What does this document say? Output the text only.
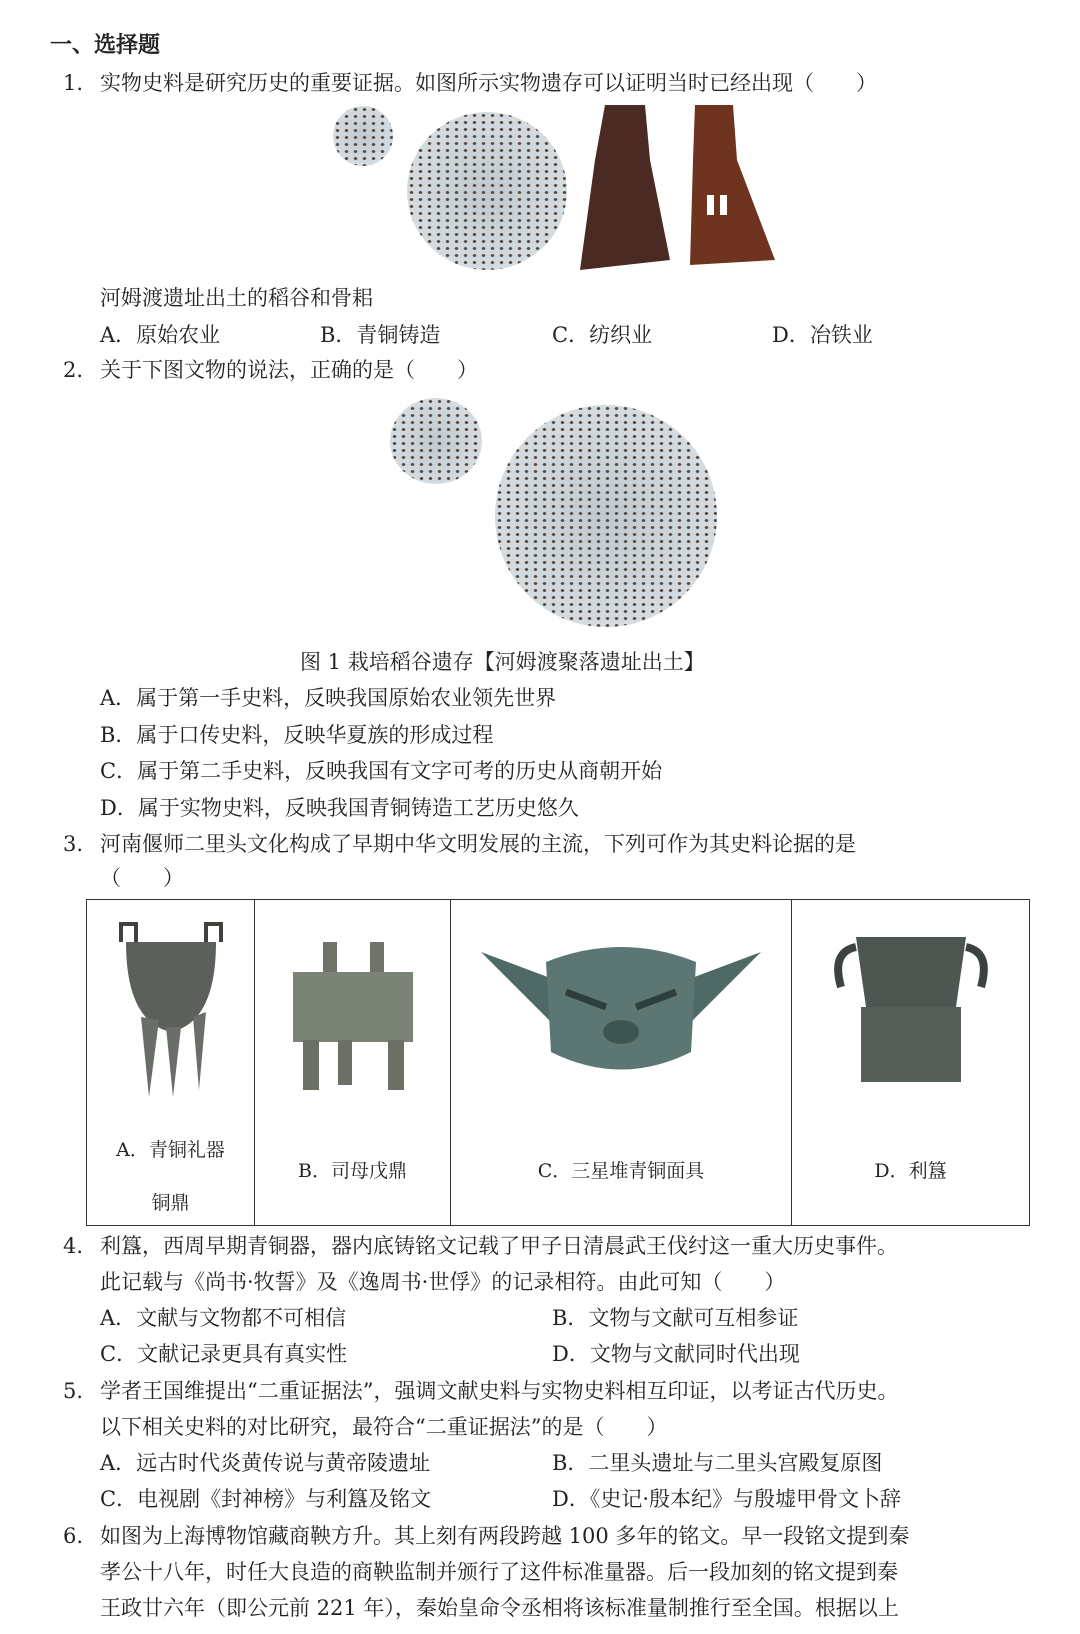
一、选择题
1. 实物史料是研究历史的重要证据。如图所示实物遗存可以证明当时已经出现（　　）
河姆渡遗址出土的稻谷和骨耜
A．原始农业	B．青铜铸造	C．纺织业	D．冶铁业
2. 关于下图文物的说法，正确的是（　　）
图 1 栽培稻谷遗存【河姆渡聚落遗址出土】
A．属于第一手史料，反映我国原始农业领先世界
B．属于口传史料，反映华夏族的形成过程
C．属于第二手史料，反映我国有文字可考的历史从商朝开始
D．属于实物史料，反映我国青铜铸造工艺历史悠久
3. 河南偃师二里头文化构成了早期中华文明发展的主流，下列可作为其史料论据的是
（　　）
A．青铜礼器
铜鼎

B．司母戊鼎	C．三星堆青铜面具	D．利簋
4. 利簋，西周早期青铜器，器内底铸铭文记载了甲子日清晨武王伐纣这一重大历史事件。
此记载与《尚书·牧誓》及《逸周书·世俘》的记录相符。由此可知（　　）
A．文献与文物都不可相信	B．文物与文献可互相参证
C．文献记录更具有真实性	D．文物与文献同时代出现
5. 学者王国维提出“二重证据法”，强调文献史料与实物史料相互印证，以考证古代历史。
以下相关史料的对比研究，最符合“二重证据法”的是（　　）
A．远古时代炎黄传说与黄帝陵遗址	B．二里头遗址与二里头宫殿复原图
C．电视剧《封神榜》与利簋及铭文	D．《史记·殷本纪》与殷墟甲骨文卜辞
6. 如图为上海博物馆藏商鞅方升。其上刻有两段跨越 100 多年的铭文。早一段铭文提到秦
孝公十八年，时任大良造的商鞅监制并颁行了这件标准量器。后一段加刻的铭文提到秦
王政廿六年（即公元前 221 年），秦始皇命令丞相将该标准量制推行至全国。根据以上
